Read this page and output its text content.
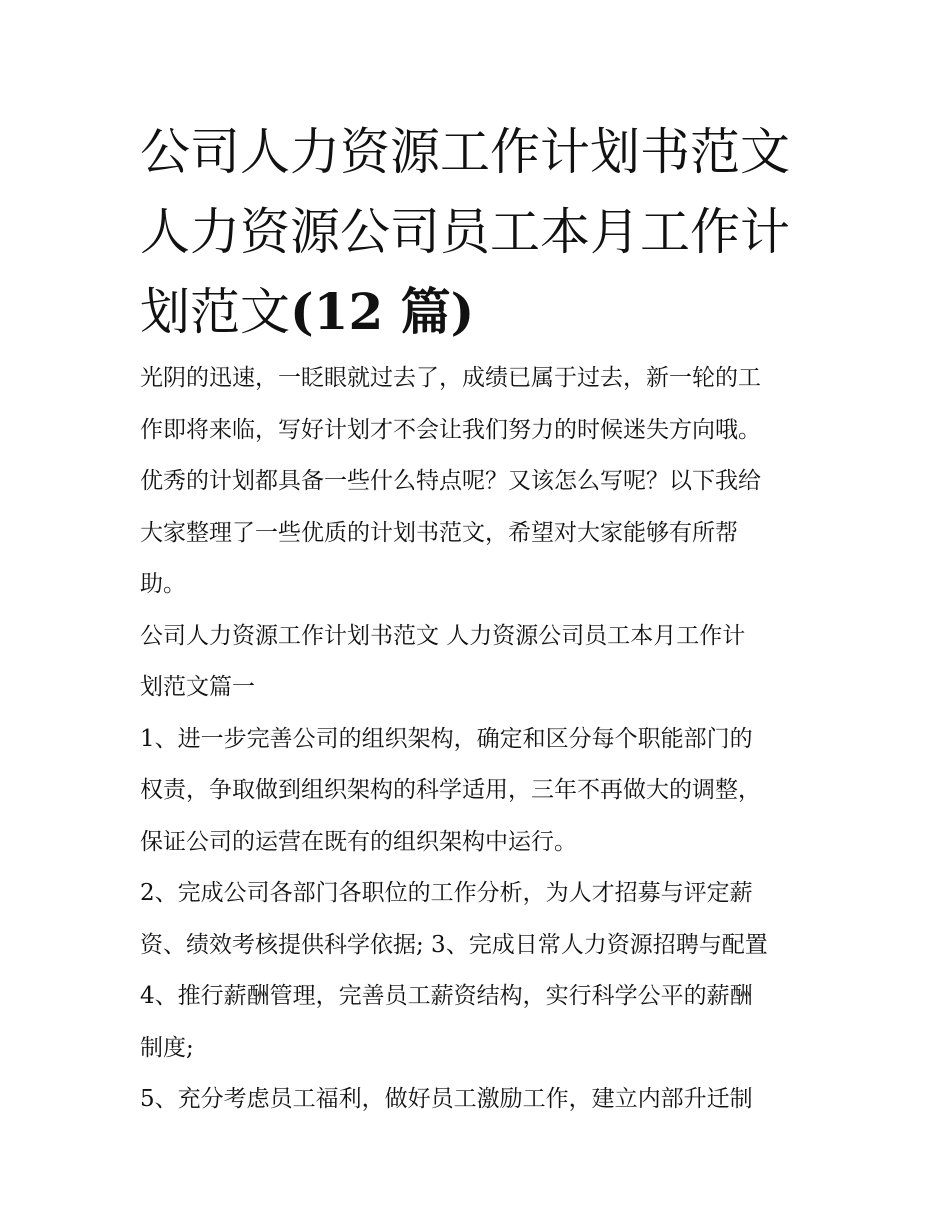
公司人力资源工作计划书范文
人力资源公司员工本月工作计
划范文(12 篇)

光阴的迅速，一眨眼就过去了，成绩已属于过去，新一轮的工
作即将来临，写好计划才不会让我们努力的时候迷失方向哦。
优秀的计划都具备一些什么特点呢？又该怎么写呢？以下我给
大家整理了一些优质的计划书范文，希望对大家能够有所帮
助。

公司人力资源工作计划书范文 人力资源公司员工本月工作计
划范文篇一

1、进一步完善公司的组织架构，确定和区分每个职能部门的
权责，争取做到组织架构的科学适用，三年不再做大的调整，
保证公司的运营在既有的组织架构中运行。

2、完成公司各部门各职位的工作分析，为人才招募与评定薪
资、绩效考核提供科学依据; 3、完成日常人力资源招聘与配置

4、推行薪酬管理，完善员工薪资结构，实行科学公平的薪酬
制度;

5、充分考虑员工福利，做好员工激励工作，建立内部升迁制
